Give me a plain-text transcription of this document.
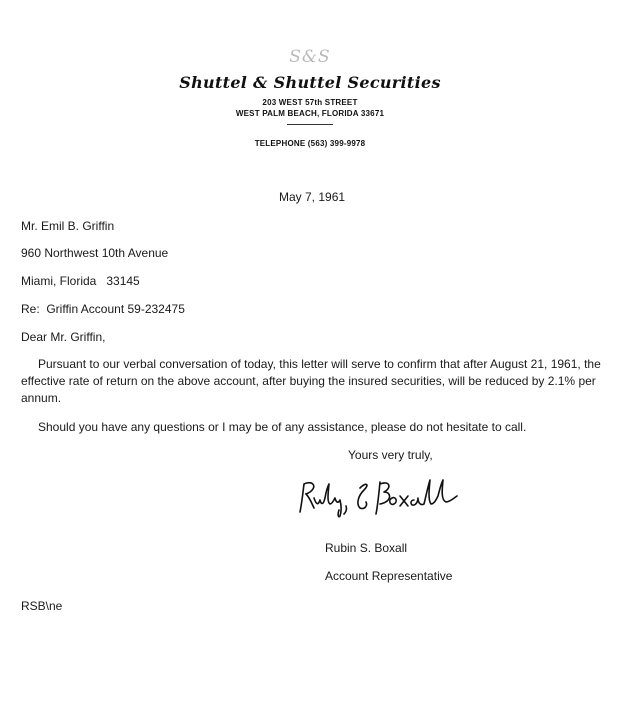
S&S
Shuttel & Shuttel Securities
203 WEST 57th STREET
WEST PALM BEACH, FLORIDA 33671
TELEPHONE (563) 399-9978
May 7, 1961
Mr. Emil B. Griffin
960 Northwest 10th Avenue
Miami, Florida   33145
Re:  Griffin Account 59-232475
Dear Mr. Griffin,
Pursuant to our verbal conversation of today, this letter will serve to confirm that after August 21, 1961, the effective rate of return on the above account, after buying the insured securities, will be reduced by 2.1% per annum.
Should you have any questions or I may be of any assistance, please do not hesitate to call.
Yours very truly,
Rubin S. Boxall
Account Representative
RSB\ne
